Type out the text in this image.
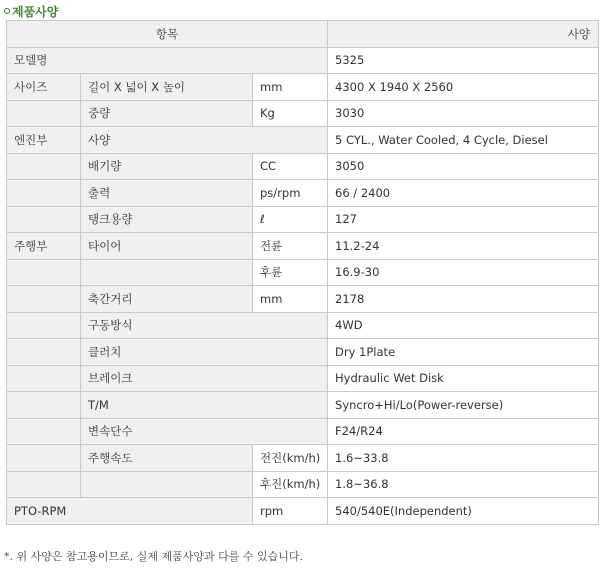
제품사양
항목			사양
모델명			5325
사이즈	길이 X 넓이 X 높이	mm	4300 X 1940 X 2560
	중량	Kg	3030
엔진부	사양		5 CYL., Water Cooled, 4 Cycle, Diesel
	배기량	CC	3050
	출력	ps/rpm	66 / 2400
	탱크용량	ℓ	127
주행부	타이어	전륜	11.2-24
		후륜	16.9-30
	축간거리	mm	2178
	구동방식		4WD
	클러치		Dry 1Plate
	브레이크		Hydraulic Wet Disk
	T/M		Syncro+Hi/Lo(Power-reverse)
	변속단수		F24/R24
	주행속도	전진(km/h)	1.6~33.8
		후진(km/h)	1.8~36.8
PTO-RPM		rpm	540/540E(Independent)
*. 위 사양은 참고용이므로, 실제 제품사양과 다를 수 있습니다.
